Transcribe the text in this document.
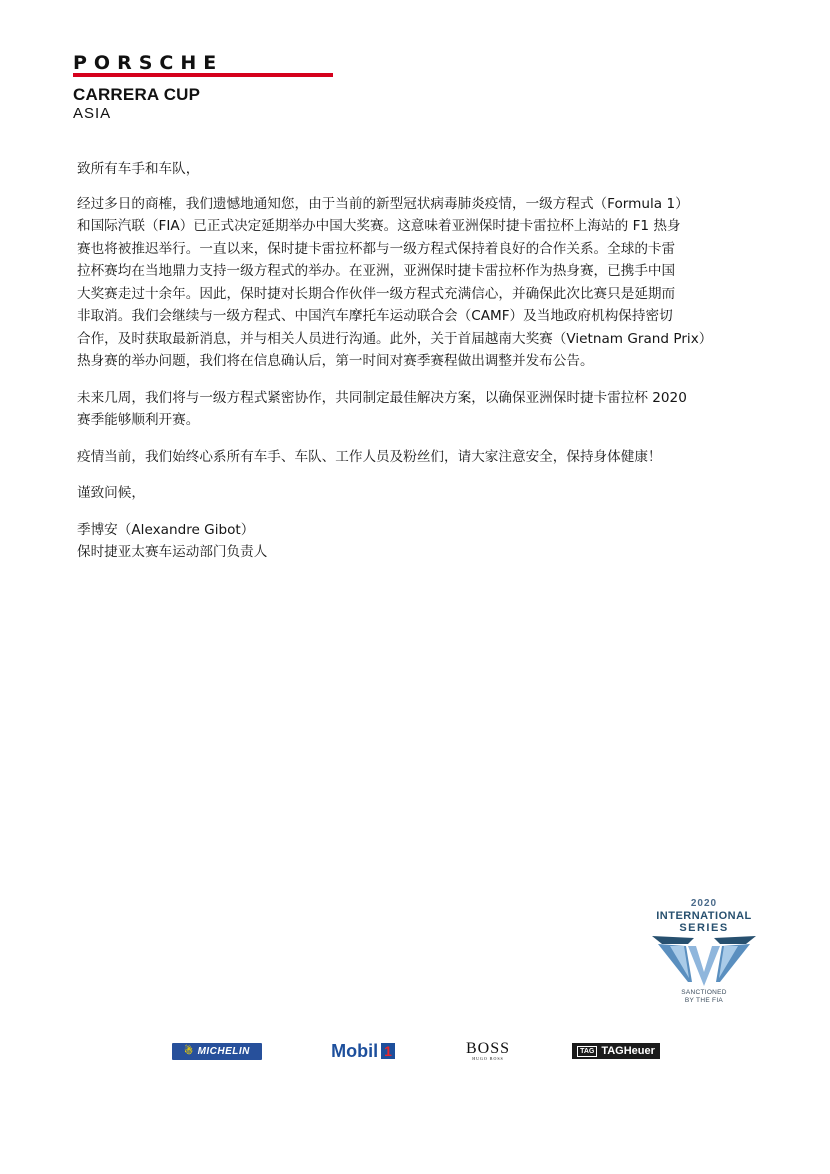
PORSCHE
CARRERA CUP
ASIA

致所有车手和车队，

经过多日的商榷，我们遗憾地通知您，由于当前的新型冠状病毒肺炎疫情，一级方程式（Formula 1）

和国际汽联（FIA）已正式决定延期举办中国大奖赛。这意味着亚洲保时捷卡雷拉杯上海站的 F1 热身

赛也将被推迟举行。一直以来，保时捷卡雷拉杯都与一级方程式保持着良好的合作关系。全球的卡雷

拉杯赛均在当地鼎力支持一级方程式的举办。在亚洲，亚洲保时捷卡雷拉杯作为热身赛，已携手中国

大奖赛走过十余年。因此，保时捷对长期合作伙伴一级方程式充满信心，并确保此次比赛只是延期而

非取消。我们会继续与一级方程式、中国汽车摩托车运动联合会（CAMF）及当地政府机构保持密切

合作，及时获取最新消息，并与相关人员进行沟通。此外，关于首届越南大奖赛（Vietnam Grand Prix）

热身赛的举办问题，我们将在信息确认后，第一时间对赛季赛程做出调整并发布公告。

未来几周，我们将与一级方程式紧密协作，共同制定最佳解决方案，以确保亚洲保时捷卡雷拉杯 2020

赛季能够顺利开赛。

疫情当前，我们始终心系所有车手、车队、工作人员及粉丝们，请大家注意安全，保持身体健康！

谨致问候，

季博安（Alexandre Gibot）

保时捷亚太赛车运动部门负责人

2020
INTERNATIONAL
SERIES
SANCTIONED
BY THE FIA
☃ MICHELIN	Mobil 1	BOSS
HUGO BOSS
TAG TAGHeuer
